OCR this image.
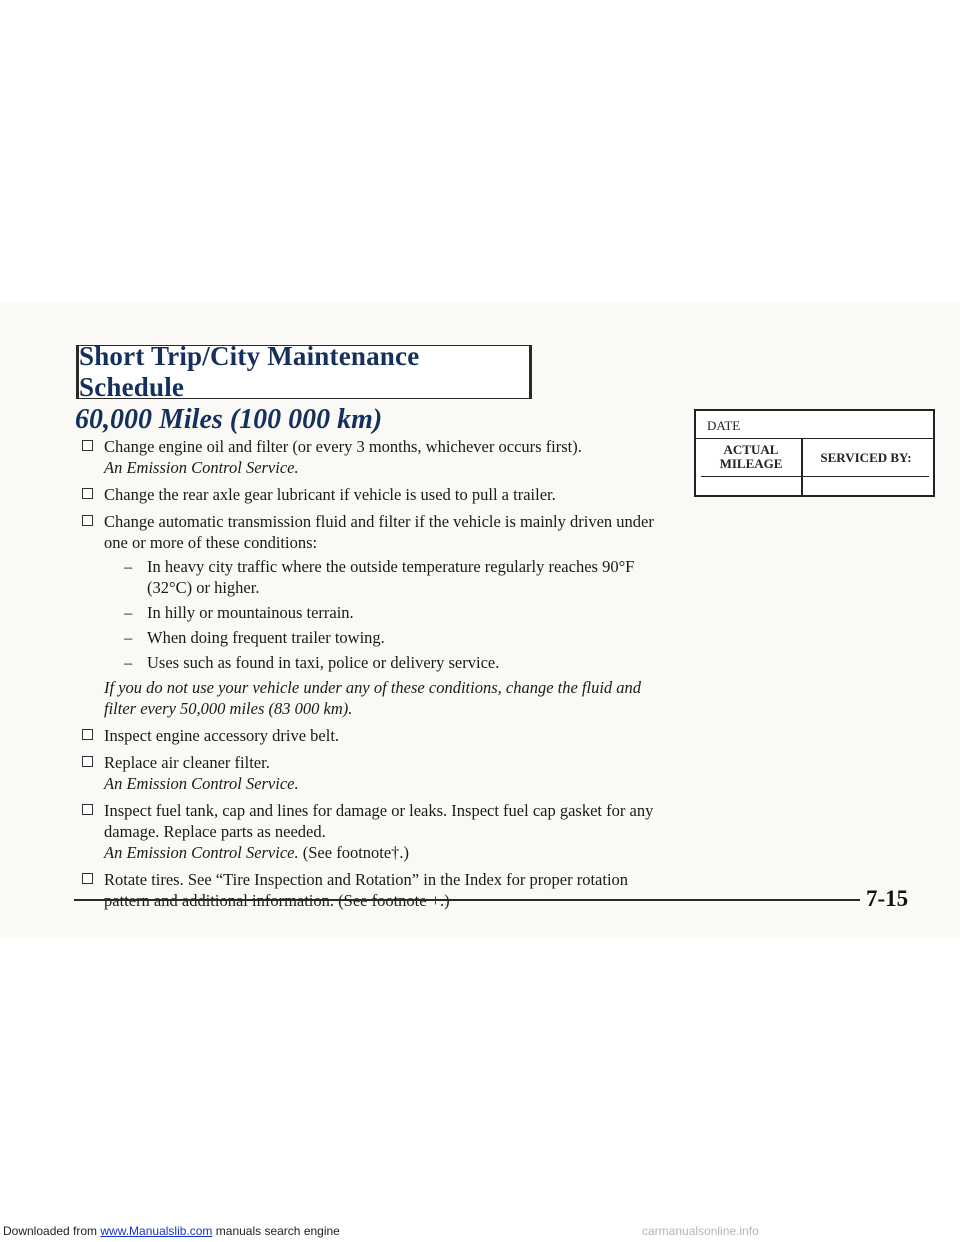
Short Trip/City Maintenance Schedule
60,000 Miles (100 000 km)
Change engine oil and filter (or every 3 months, whichever occurs first).
An Emission Control Service.
Change the rear axle gear lubricant if vehicle is used to pull a trailer.
Change automatic transmission fluid and filter if the vehicle is mainly driven under one or more of these conditions:
– In heavy city traffic where the outside temperature regularly reaches 90°F (32°C) or higher.
– In hilly or mountainous terrain.
– When doing frequent trailer towing.
– Uses such as found in taxi, police or delivery service.
If you do not use your vehicle under any of these conditions, change the fluid and filter every 50,000 miles (83 000 km).
Inspect engine accessory drive belt.
Replace air cleaner filter.
An Emission Control Service.
Inspect fuel tank, cap and lines for damage or leaks. Inspect fuel cap gasket for any damage. Replace parts as needed.
An Emission Control Service. (See footnote†.)
Rotate tires. See “Tire Inspection and Rotation” in the Index for proper rotation
DATE
ACTUAL MILEAGE	SERVICED BY:
7-15
Downloaded from www.Manualslib.com manuals search engine	carmanualsonline.info
